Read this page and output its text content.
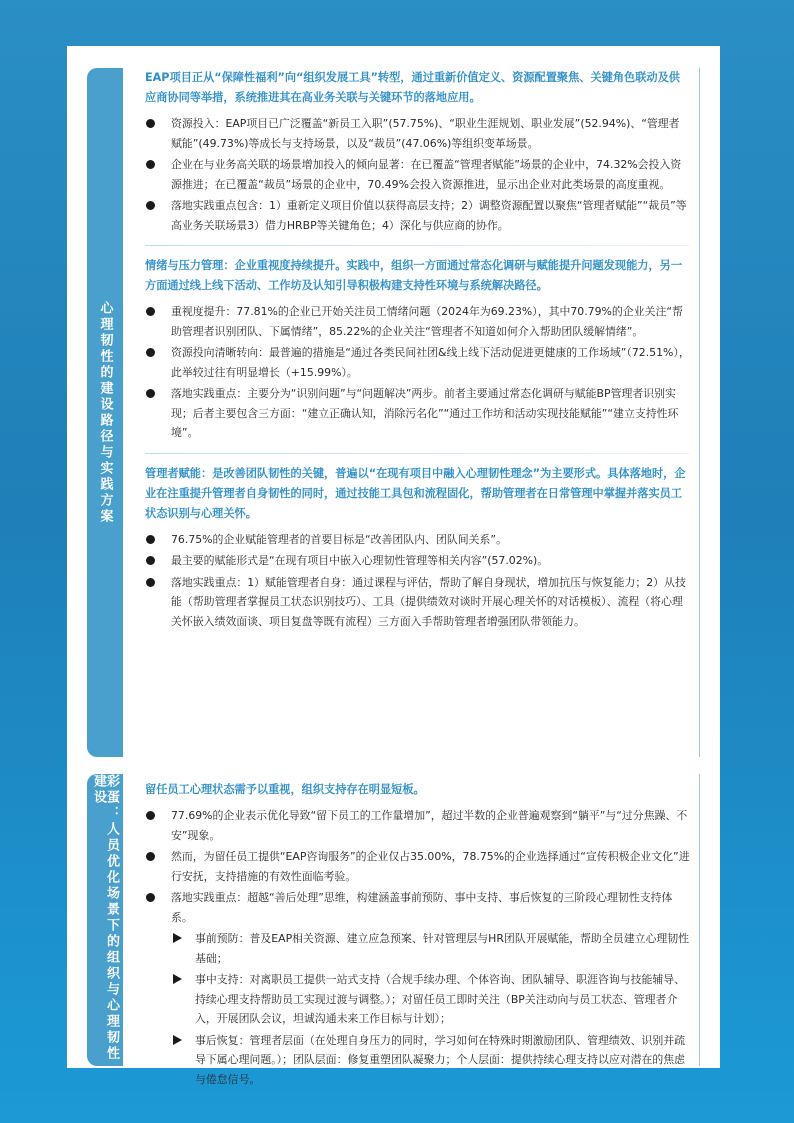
心理韧性的建设路径与实践方案

EAP项目正从“保障性福利”向“组织发展工具”转型，通过重新价值定义、资源配置聚焦、关键角色联动及供应商协同等举措，系统推进其在高业务关联与关键环节的落地应用。

资源投入：EAP项目已广泛覆盖“新员工入职”(57.75%)、“职业生涯规划、职业发展”(52.94%)、“管理者赋能”(49.73%)等成长与支持场景，以及“裁员”(47.06%)等组织变革场景。
企业在与业务高关联的场景增加投入的倾向显著：在已覆盖“管理者赋能”场景的企业中，74.32%会投入资源推进；在已覆盖“裁员”场景的企业中，70.49%会投入资源推进，显示出企业对此类场景的高度重视。
落地实践重点包含：1）重新定义项目价值以获得高层支持；2）调整资源配置以聚焦“管理者赋能”“裁员”等高业务关联场景3）借力HRBP等关键角色；4）深化与供应商的协作。

情绪与压力管理：企业重视度持续提升。实践中，组织一方面通过常态化调研与赋能提升问题发现能力，另一方面通过线上线下活动、工作坊及认知引导积极构建支持性环境与系统解决路径。

重视度提升：77.81%的企业已开始关注员工情绪问题（2024年为69.23%），其中70.79%的企业关注“帮助管理者识别团队、下属情绪”，85.22%的企业关注“管理者不知道如何介入帮助团队缓解情绪”。
资源投向清晰转向：最普遍的措施是“通过各类民间社团&线上线下活动促进更健康的工作场域”（72.51%），此举较过往有明显增长（+15.99%）。
落地实践重点：主要分为“识别问题”与“问题解决”两步。前者主要通过常态化调研与赋能BP管理者识别实现；后者主要包含三方面：“建立正确认知，消除污名化”“通过工作坊和活动实现技能赋能”“建立支持性环境”。

管理者赋能：是改善团队韧性的关键，普遍以“在现有项目中融入心理韧性理念”为主要形式。具体落地时，企业在注重提升管理者自身韧性的同时，通过技能工具包和流程固化，帮助管理者在日常管理中掌握并落实员工状态识别与心理关怀。

76.75%的企业赋能管理者的首要目标是“改善团队内、团队间关系”。
最主要的赋能形式是“在现有项目中嵌入心理韧性管理等相关内容”(57.02%)。
落地实践重点：1）赋能管理者自身：通过课程与评估，帮助了解自身现状，增加抗压与恢复能力；2）从技能（帮助管理者掌握员工状态识别技巧）、工具（提供绩效对谈时开展心理关怀的对话模板）、流程（将心理关怀嵌入绩效面谈、项目复盘等既有流程）三方面入手帮助管理者增强团队带领能力。
彩蛋：人员优化场景下的组织与心理韧性建设	留任员工心理状态需予以重视，组织支持存在明显短板。

77.69%的企业表示优化导致“留下员工的工作量增加”，超过半数的企业普遍观察到“躺平”与“过分焦躁、不安”现象。
然而，为留任员工提供“EAP咨询服务”的企业仅占35.00%，78.75%的企业选择通过“宣传积极企业文化”进行安抚，支持措施的有效性面临考验。
落地实践重点：超越“善后处理”思维，构建涵盖事前预防、事中支持、事后恢复的三阶段心理韧性支持体系。
事前预防：普及EAP相关资源、建立应急预案、针对管理层与HR团队开展赋能，帮助全员建立心理韧性基础；
事中支持：对离职员工提供一站式支持（合规手续办理、个体咨询、团队辅导、职涯咨询与技能辅导、持续心理支持帮助员工实现过渡与调整。）；对留任员工即时关注（BP关注动向与员工状态、管理者介入，开展团队会议，坦诚沟通未来工作目标与计划）；
事后恢复：管理者层面（在处理自身压力的同时，学习如何在特殊时期激励团队、管理绩效、识别并疏导下属心理问题。）；团队层面：修复重塑团队凝聚力；个人层面：提供持续心理支持以应对潜在的焦虑与倦怠信号。
